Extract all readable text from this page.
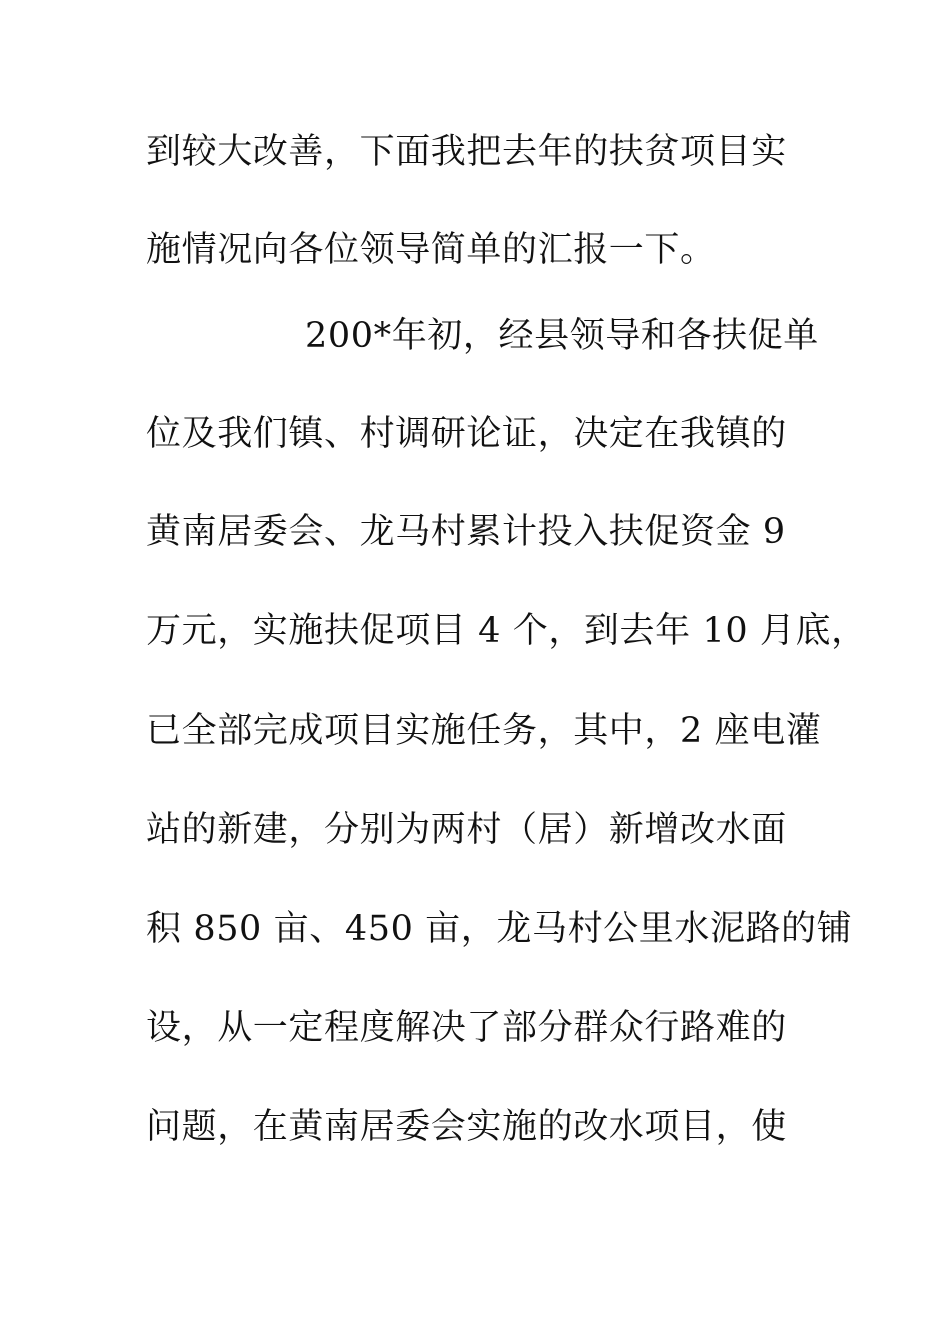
到较大改善，下面我把去年的扶贫项目实
施情况向各位领导简单的汇报一下。
200*年初，经县领导和各扶促单
位及我们镇、村调研论证，决定在我镇的
黄南居委会、龙马村累计投入扶促资金 9
万元，实施扶促项目 4 个，到去年 10 月底，
已全部完成项目实施任务，其中，2 座电灌
站的新建，分别为两村（居）新增改水面
积 850 亩、450 亩，龙马村公里水泥路的铺
设，从一定程度解决了部分群众行路难的
问题，在黄南居委会实施的改水项目，使
